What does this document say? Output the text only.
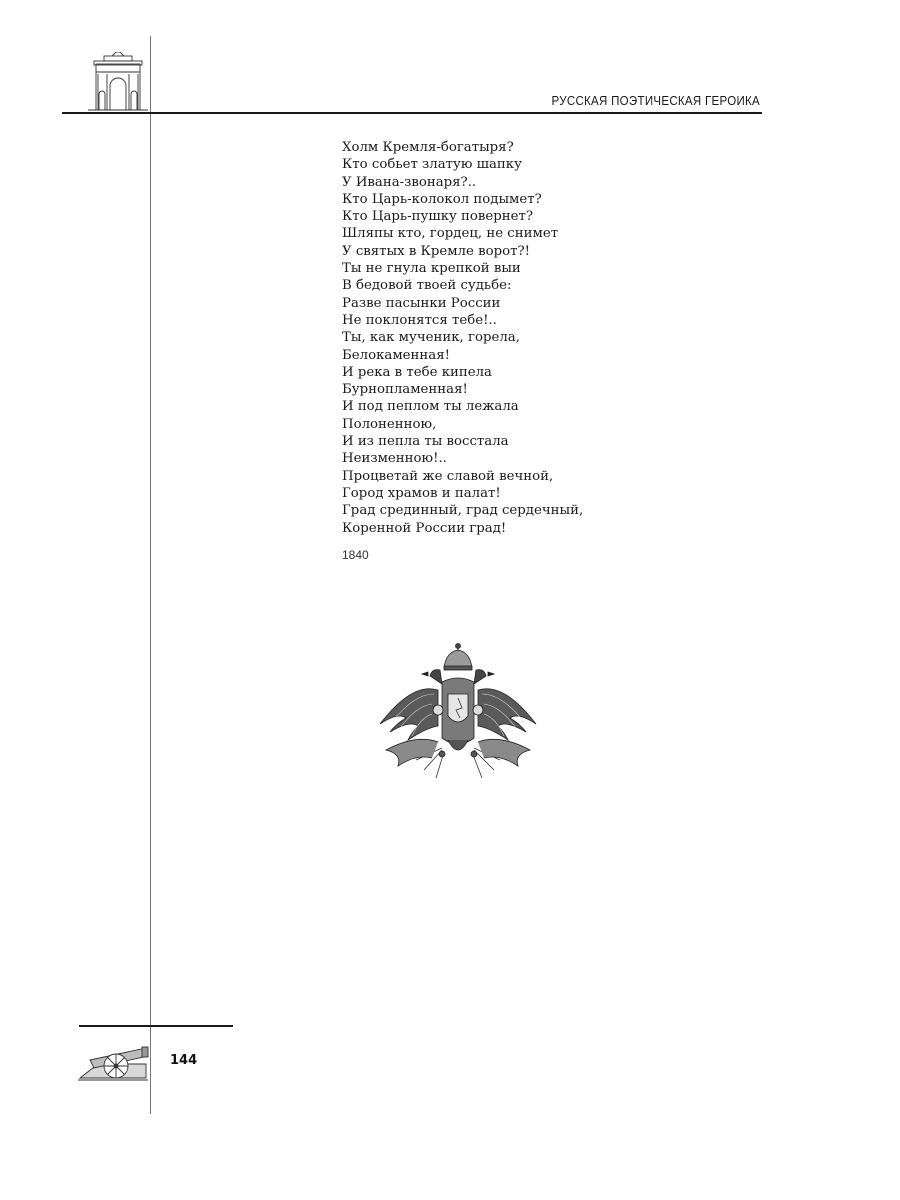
РУССКАЯ ПОЭТИЧЕСКАЯ ГЕРОИКА
Холм Кремля-богатыря?
Кто собьет златую шапку
У Ивана-звонаря?..
Кто Царь-колокол подымет?
Кто Царь-пушку повернет?
Шляпы кто, гордец, не снимет
У святых в Кремле ворот?!
Ты не гнула крепкой выи
В бедовой твоей судьбе:
Разве пасынки России
Не поклонятся тебе!..
Ты, как мученик, горела,
Белокаменная!
И река в тебе кипела
Бурнопламенная!
И под пеплом ты лежала
Полоненною,
И из пепла ты восстала
Неизменною!..
Процветай же славой вечной,
Город храмов и палат!
Град срединный, град сердечный,
Коренной России град!
1840
144
